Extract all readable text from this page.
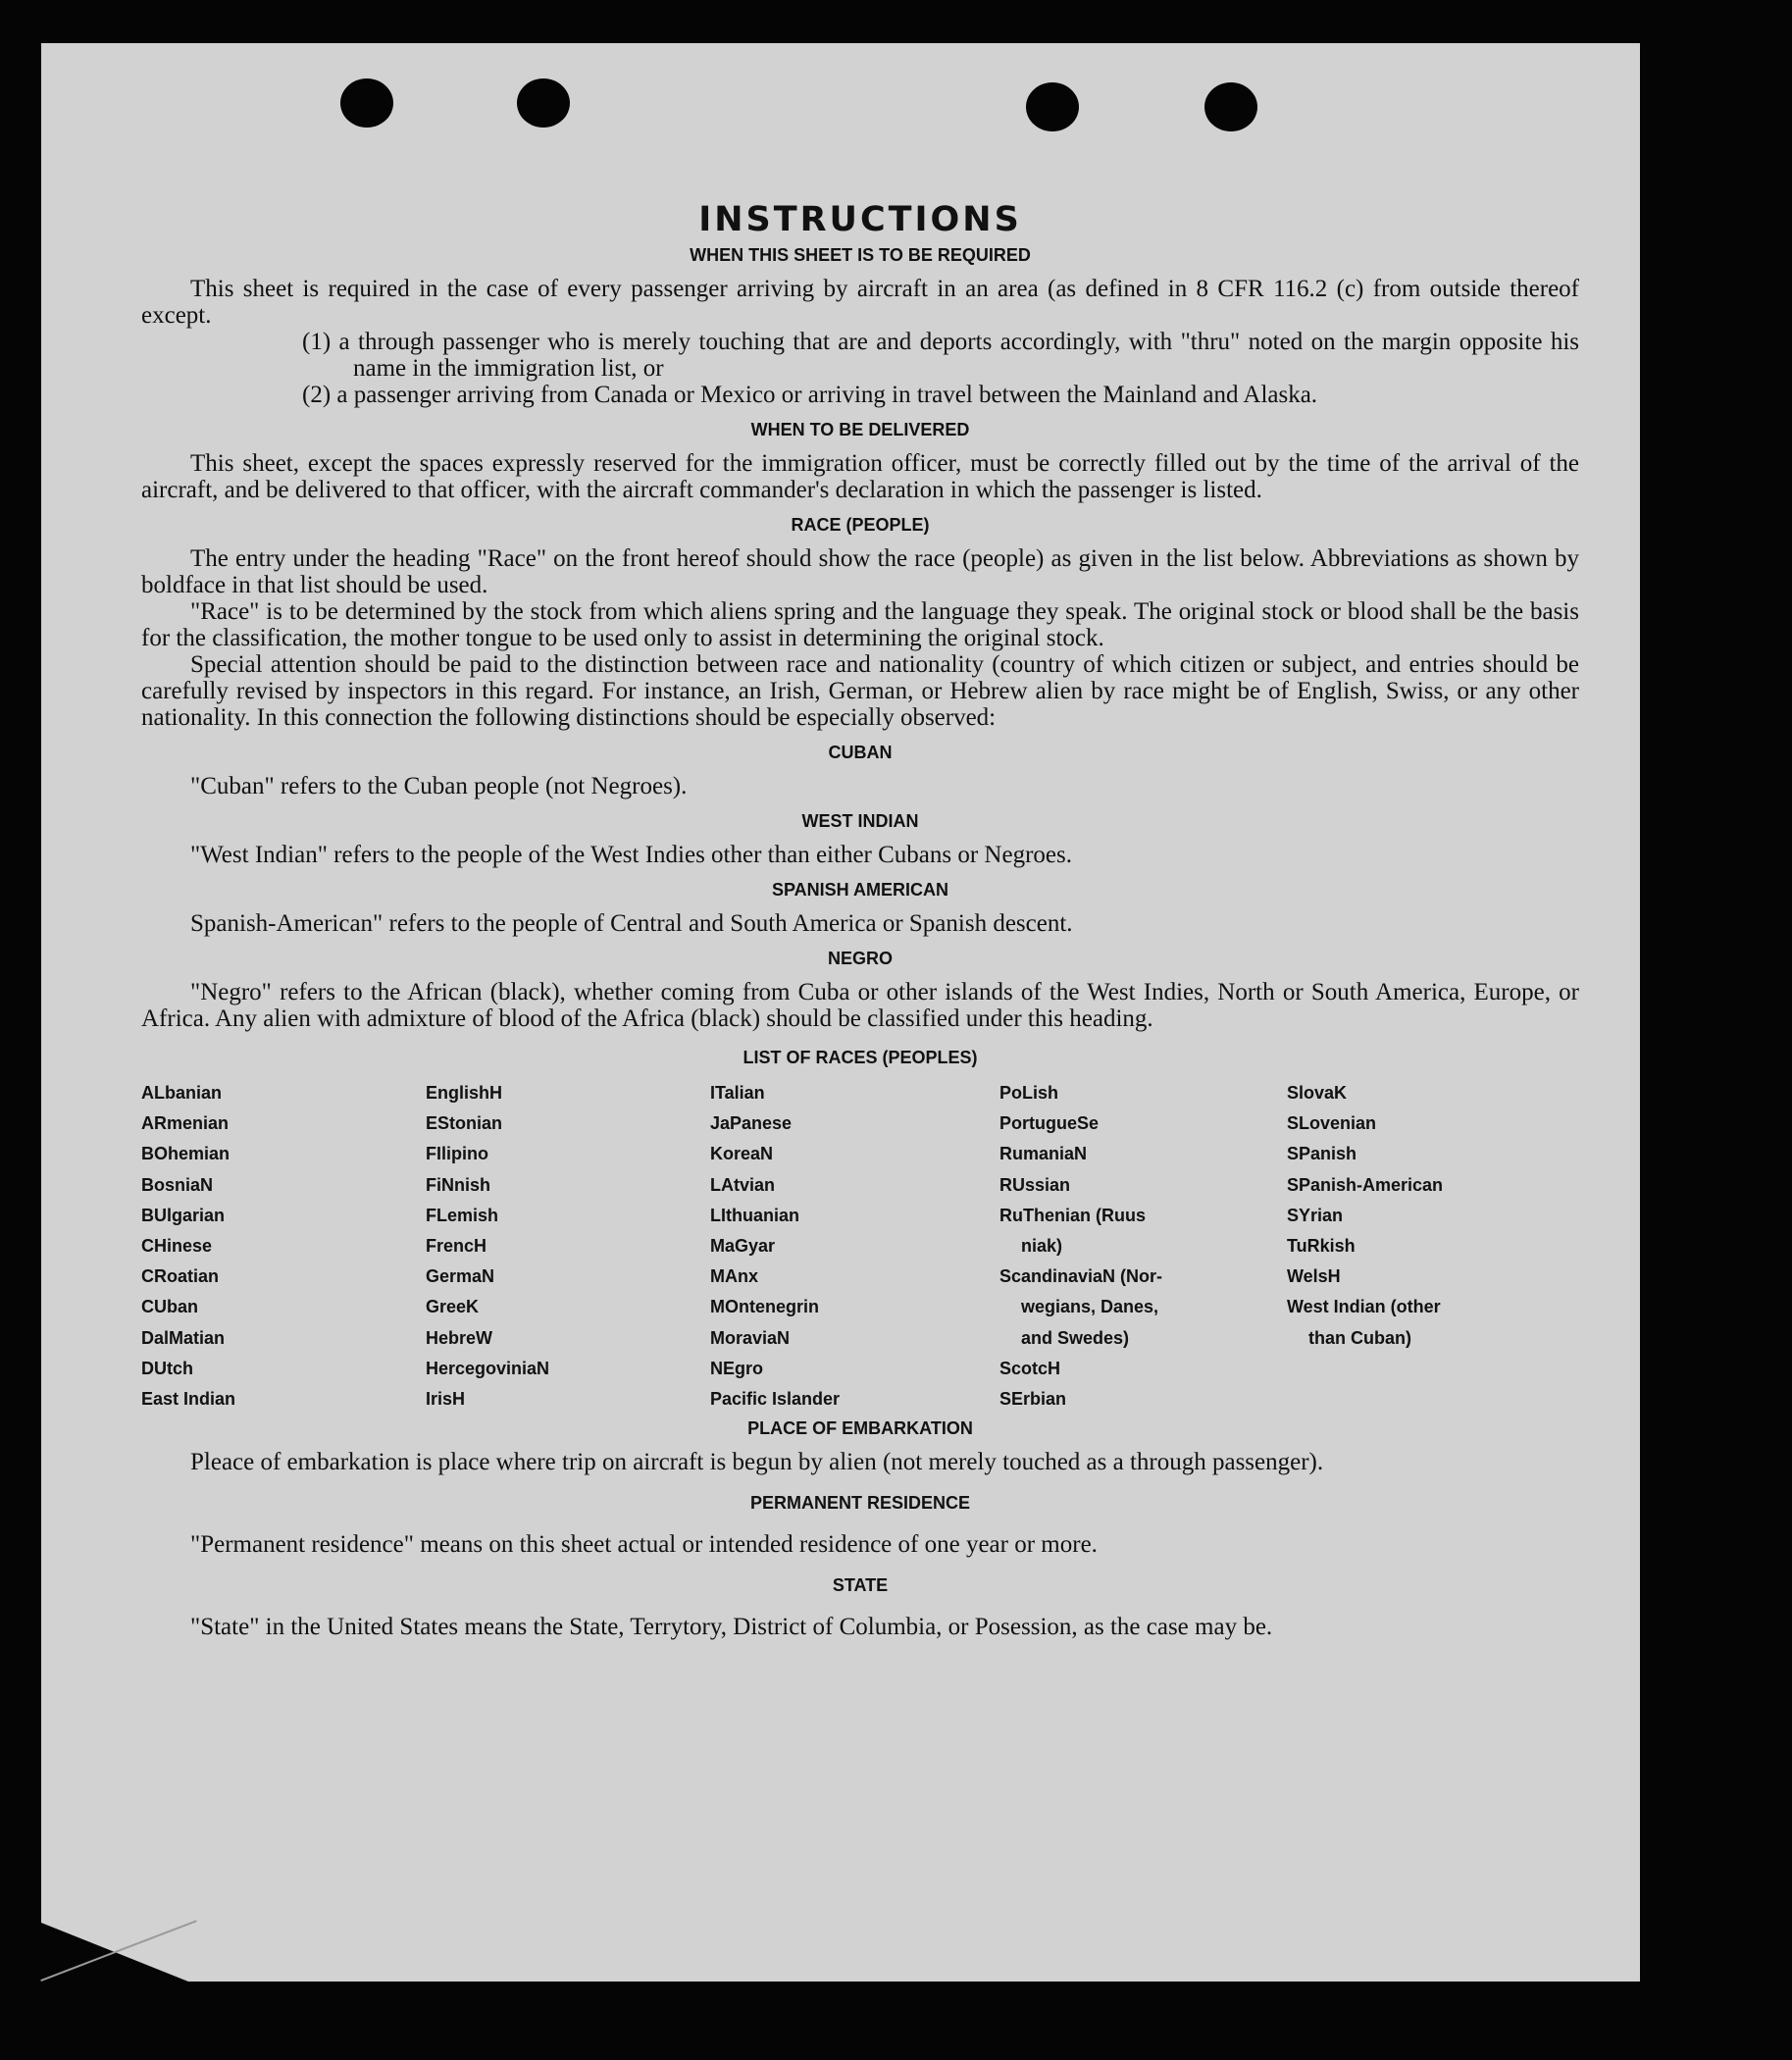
INSTRUCTIONS
WHEN THIS SHEET IS TO BE REQUIRED

This sheet is required in the case of every passenger arriving by aircraft in an area (as defined in 8 CFR 116.2 (c) from outside thereof except.

(1) a through passenger who is merely touching that are and deports accordingly, with "thru" noted on the margin opposite his name in the immigration list, or
(2) a passenger arriving from Canada or Mexico or arriving in travel between the Mainland and Alaska.
WHEN TO BE DELIVERED

This sheet, except the spaces expressly reserved for the immigration officer, must be correctly filled out by the time of the arrival of the aircraft, and be delivered to that officer, with the aircraft commander's declaration in which the passenger is listed.

RACE (PEOPLE)

The entry under the heading "Race" on the front hereof should show the race (people) as given in the list below. Abbreviations as shown by boldface in that list should be used.

"Race" is to be determined by the stock from which aliens spring and the language they speak. The original stock or blood shall be the basis for the classification, the mother tongue to be used only to assist in determining the original stock.

Special attention should be paid to the distinction between race and nationality (country of which citizen or subject, and entries should be carefully revised by inspectors in this regard. For instance, an Irish, German, or Hebrew alien by race might be of English, Swiss, or any other nationality. In this connection the following distinctions should be especially observed:

CUBAN

"Cuban" refers to the Cuban people (not Negroes).

WEST INDIAN

"West Indian" refers to the people of the West Indies other than either Cubans or Negroes.

SPANISH AMERICAN

Spanish-American" refers to the people of Central and South America or Spanish descent.

NEGRO

"Negro" refers to the African (black), whether coming from Cuba or other islands of the West Indies, North or South America, Europe, or Africa. Any alien with admixture of blood of the Africa (black) should be classified under this heading.

LIST OF RACES (PEOPLES)
ALbanian
ARmenian
BOhemian
BosniaN
BUlgarian
CHinese
CRoatian
CUban
DalMatian
DUtch
East Indian
EnglishH
EStonian
FIlipino
FiNnish
FLemish
FrencH
GermaN
GreeK
HebreW
HercegoviniaN
IrisH
ITalian
JaPanese
KoreaN
LAtvian
LIthuanian
MaGyar
MAnx
MOntenegrin
MoraviaN
NEgro
Pacific Islander
PoLish
PortugueSe
RumaniaN
RUssian
RuThenian (Ruus
niak)
ScandinaviaN (Nor-
wegians, Danes,
and Swedes)
ScotcH
SErbian
SlovaK
SLovenian
SPanish
SPanish-American
SYrian
TuRkish
WelsH
West Indian (other
than Cuban)
PLACE OF EMBARKATION

Pleace of embarkation is place where trip on aircraft is begun by alien (not merely touched as a through passenger).

PERMANENT RESIDENCE

"Permanent residence" means on this sheet actual or intended residence of one year or more.

STATE

"State" in the United States means the State, Terrytory, District of Columbia, or Posession, as the case may be.
